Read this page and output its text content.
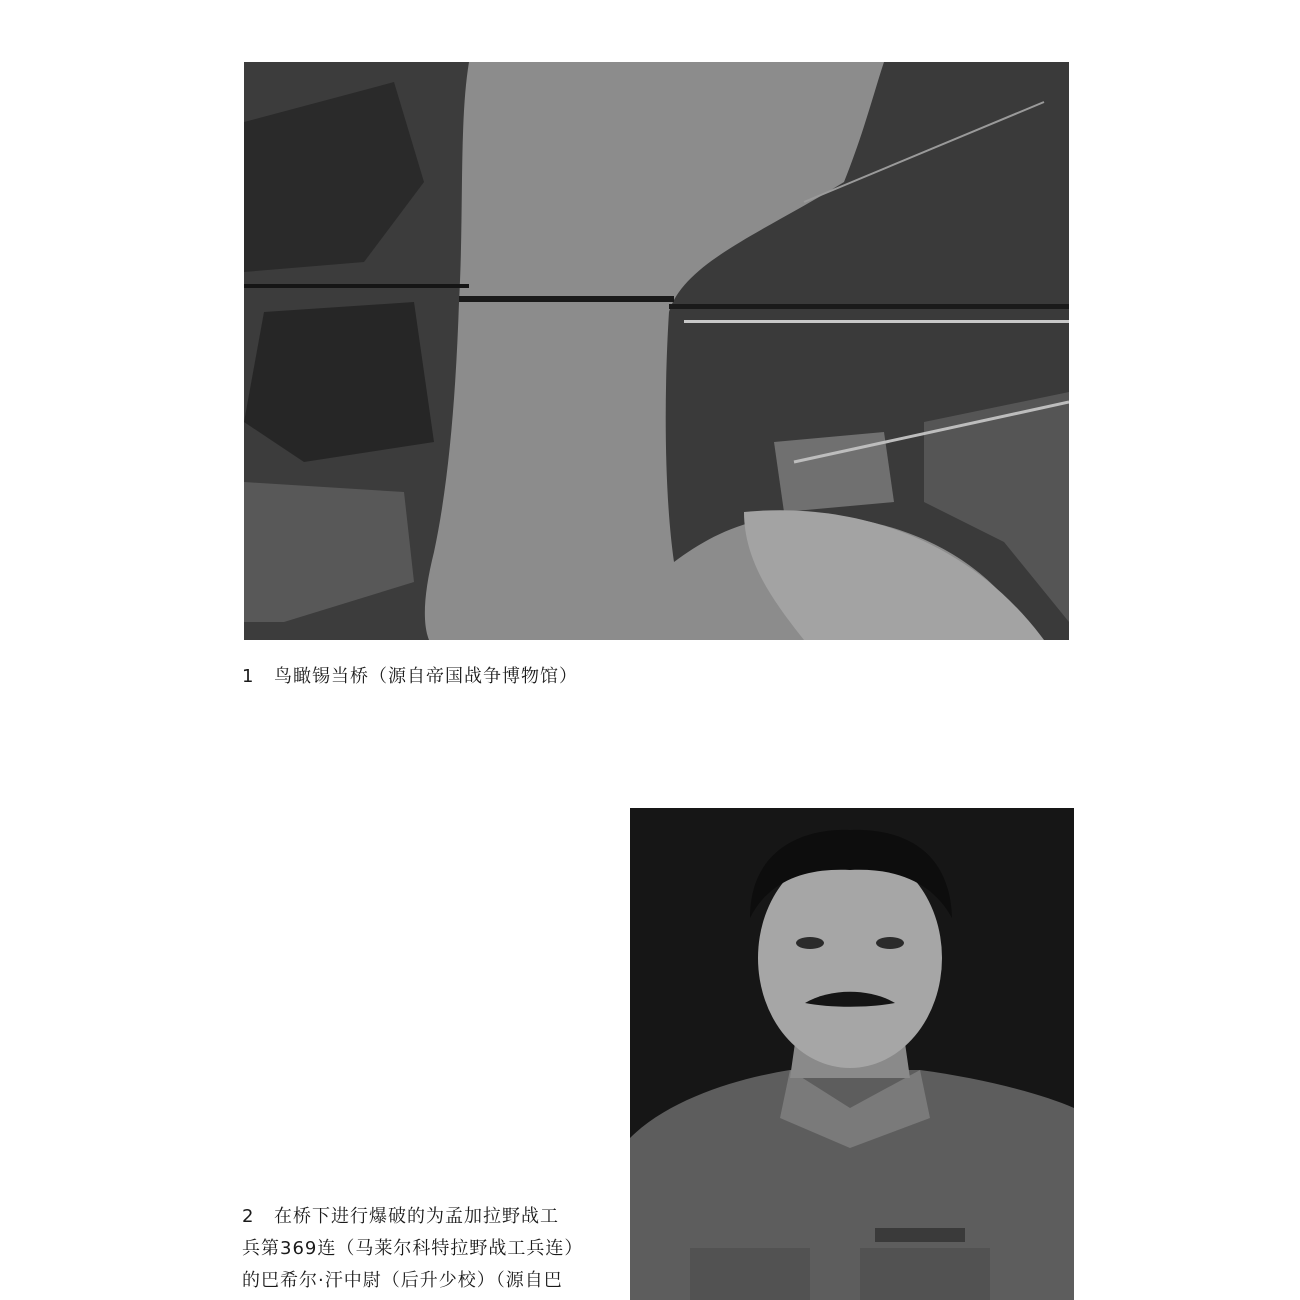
1 鸟瞰锡当桥（源自帝国战争博物馆）
2 在桥下进行爆破的为孟加拉野战工
兵第369连（马莱尔科特拉野战工兵连）
的巴希尔·汗中尉（后升少校）（源自巴
